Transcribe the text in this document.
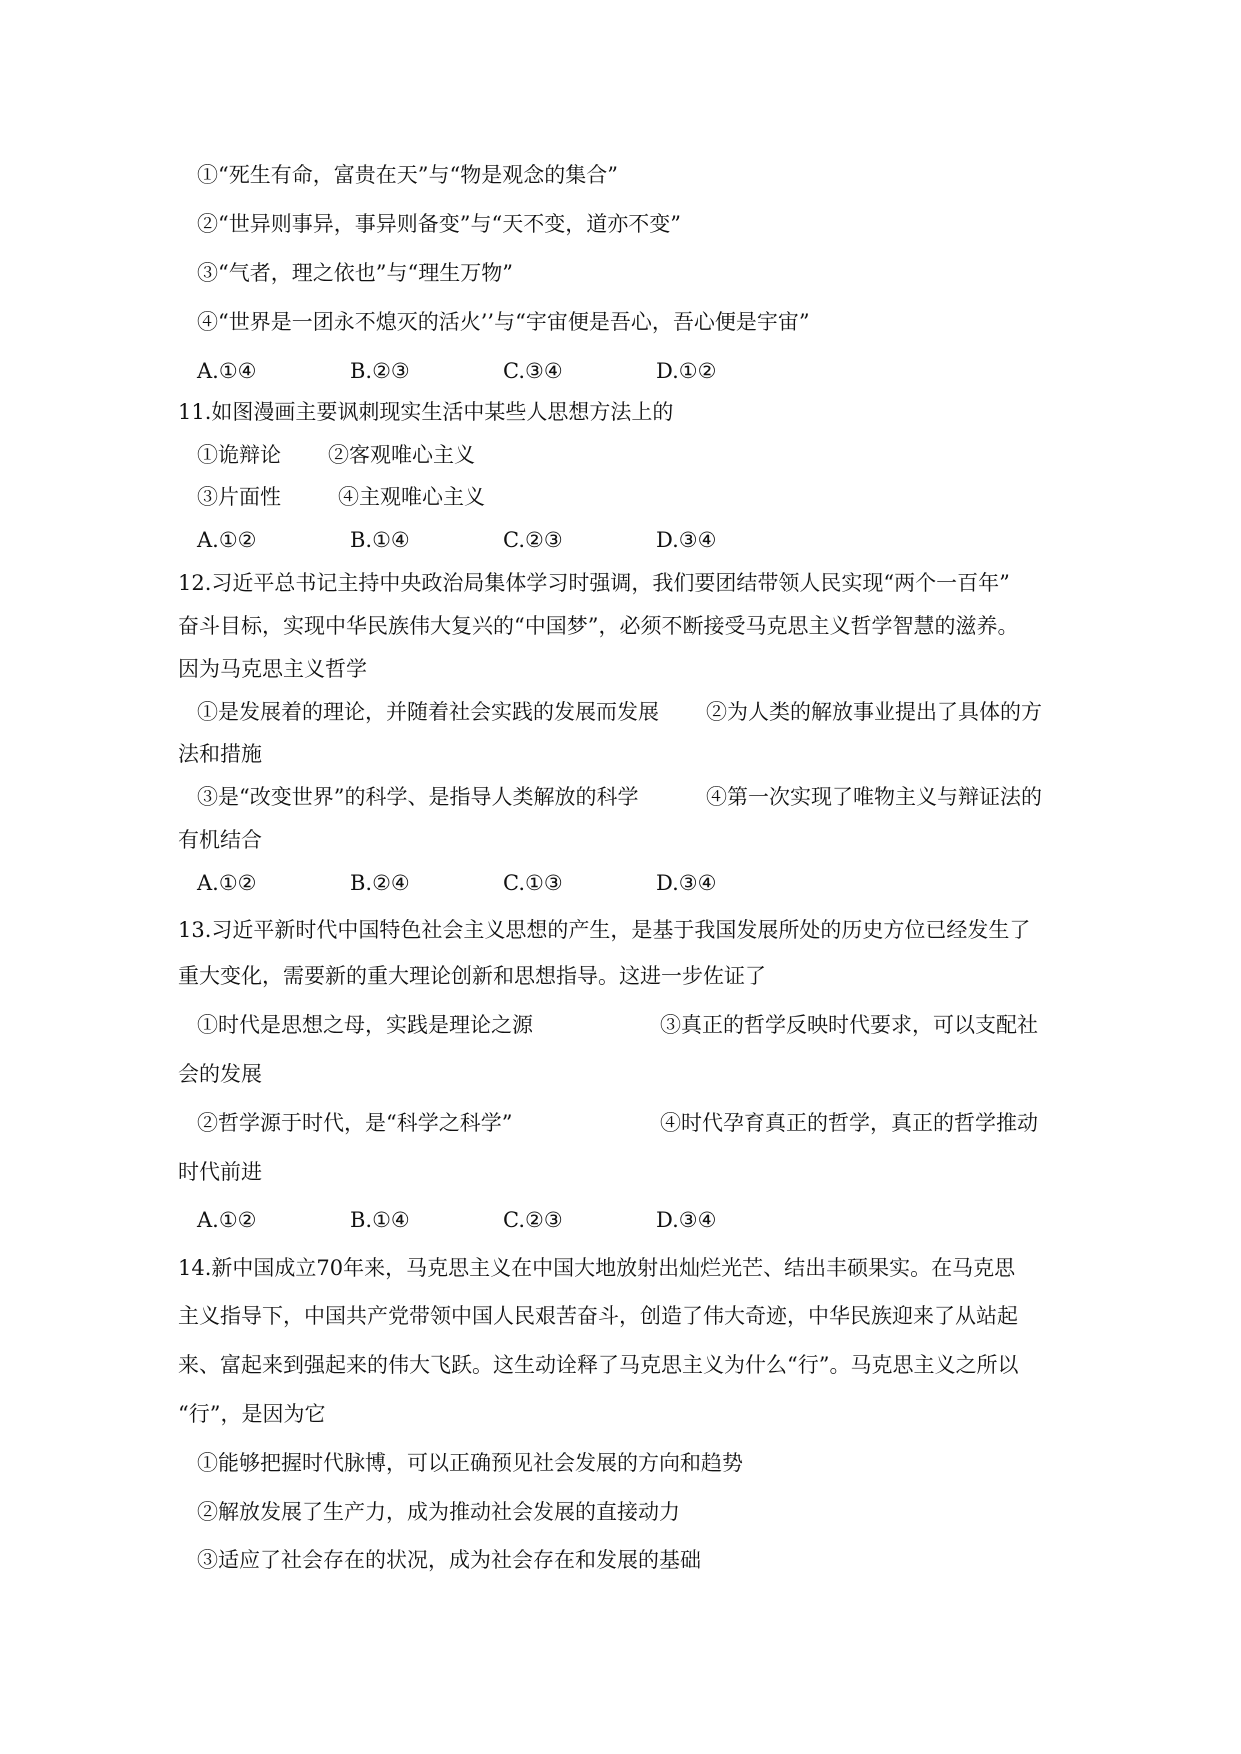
①“死生有命，富贵在天”与“物是观念的集合”
②“世异则事异，事异则备变”与“天不变，道亦不变”
③“气者，理之依也”与“理生万物”
④“世界是一团永不熄灭的活火’’与“宇宙便是吾心，吾心便是宇宙”
A.①④	B.②③	C.③④	D.①②
11.如图漫画主要讽刺现实生活中某些人思想方法上的
①诡辩论 ②客观唯心主义
③片面性	④主观唯心主义
A.①②	B.①④	C.②③	D.③④
12.习近平总书记主持中央政治局集体学习时强调，我们要团结带领人民实现“两个一百年”
奋斗目标，实现中华民族伟大复兴的“中国梦”，必须不断接受马克思主义哲学智慧的滋养。
因为马克思主义哲学
①是发展着的理论，并随着社会实践的发展而发展 ②为人类的解放事业提出了具体的方
法和措施
③是“改变世界”的科学、是指导人类解放的科学	④第一次实现了唯物主义与辩证法的
有机结合
A.①②	B.②④	C.①③	D.③④
13.习近平新时代中国特色社会主义思想的产生，是基于我国发展所处的历史方位已经发生了
重大变化，需要新的重大理论创新和思想指导。这进一步佐证了
①时代是思想之母，实践是理论之源	③真正的哲学反映时代要求，可以支配社
会的发展
②哲学源于时代，是“科学之科学”	④时代孕育真正的哲学，真正的哲学推动
时代前进
A.①②	B.①④	C.②③	D.③④
14.新中国成立70年来，马克思主义在中国大地放射出灿烂光芒、结出丰硕果实。在马克思
主义指导下，中国共产党带领中国人民艰苦奋斗，创造了伟大奇迹，中华民族迎来了从站起
来、富起来到强起来的伟大飞跃。这生动诠释了马克思主义为什么“行”。马克思主义之所以
“行”，是因为它
①能够把握时代脉博，可以正确预见社会发展的方向和趋势
②解放发展了生产力，成为推动社会发展的直接动力
③适应了社会存在的状况，成为社会存在和发展的基础
